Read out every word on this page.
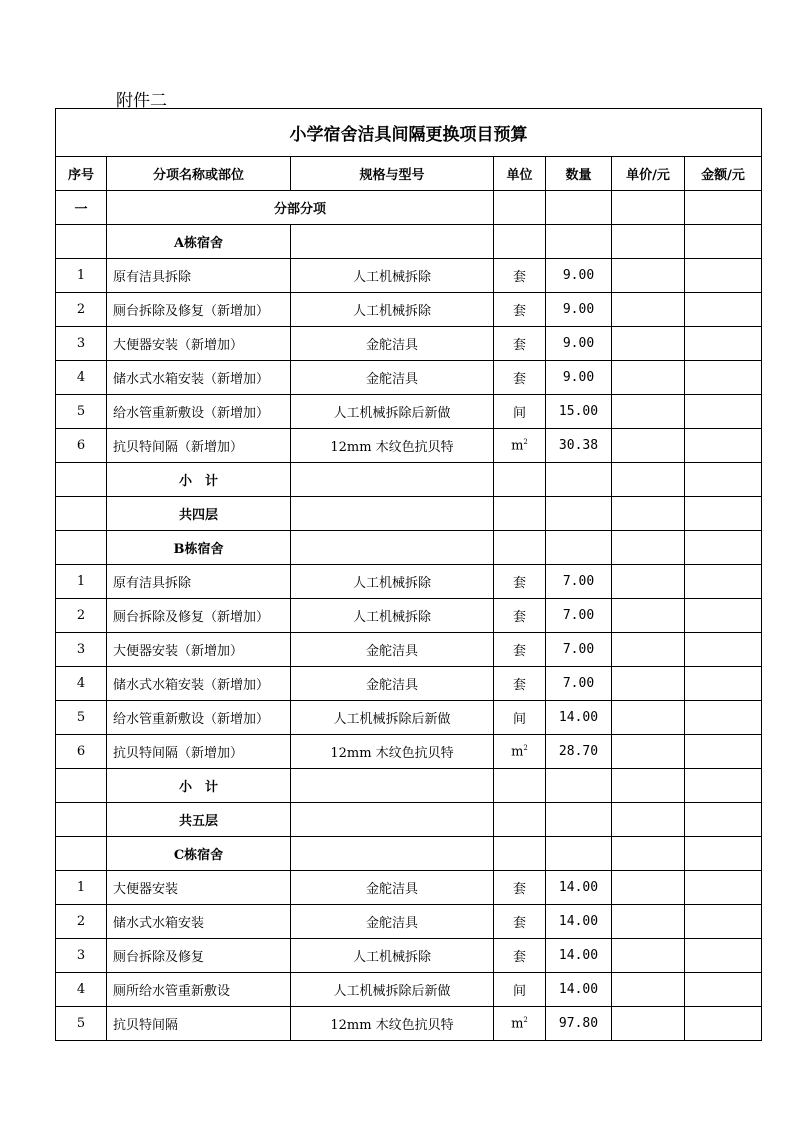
附件二
小学宿舍洁具间隔更换项目预算						
序号	分项名称或部位	规格与型号	单位	数量	单价/元	金额/元
一	分部分项					
	A栋宿舍					
1	原有洁具拆除	人工机械拆除	套	9.00		
2	厕台拆除及修复（新增加）	人工机械拆除	套	9.00		
3	大便器安装（新增加）	金舵洁具	套	9.00		
4	储水式水箱安装（新增加）	金舵洁具	套	9.00		
5	给水管重新敷设（新增加）	人工机械拆除后新做	间	15.00		
6	抗贝特间隔（新增加）	12mm 木纹色抗贝特	$m^2$	30.38		
	小　计					
	共四层					
	B栋宿舍					
1	原有洁具拆除	人工机械拆除	套	7.00		
2	厕台拆除及修复（新增加）	人工机械拆除	套	7.00		
3	大便器安装（新增加）	金舵洁具	套	7.00		
4	储水式水箱安装（新增加）	金舵洁具	套	7.00		
5	给水管重新敷设（新增加）	人工机械拆除后新做	间	14.00		
6	抗贝特间隔（新增加）	12mm 木纹色抗贝特	$m^2$	28.70		
	小　计					
	共五层					
	C栋宿舍					
1	大便器安装	金舵洁具	套	14.00		
2	储水式水箱安装	金舵洁具	套	14.00		
3	厕台拆除及修复	人工机械拆除	套	14.00		
4	厕所给水管重新敷设	人工机械拆除后新做	间	14.00		
5	抗贝特间隔	12mm 木纹色抗贝特	$m^2$	97.80		
